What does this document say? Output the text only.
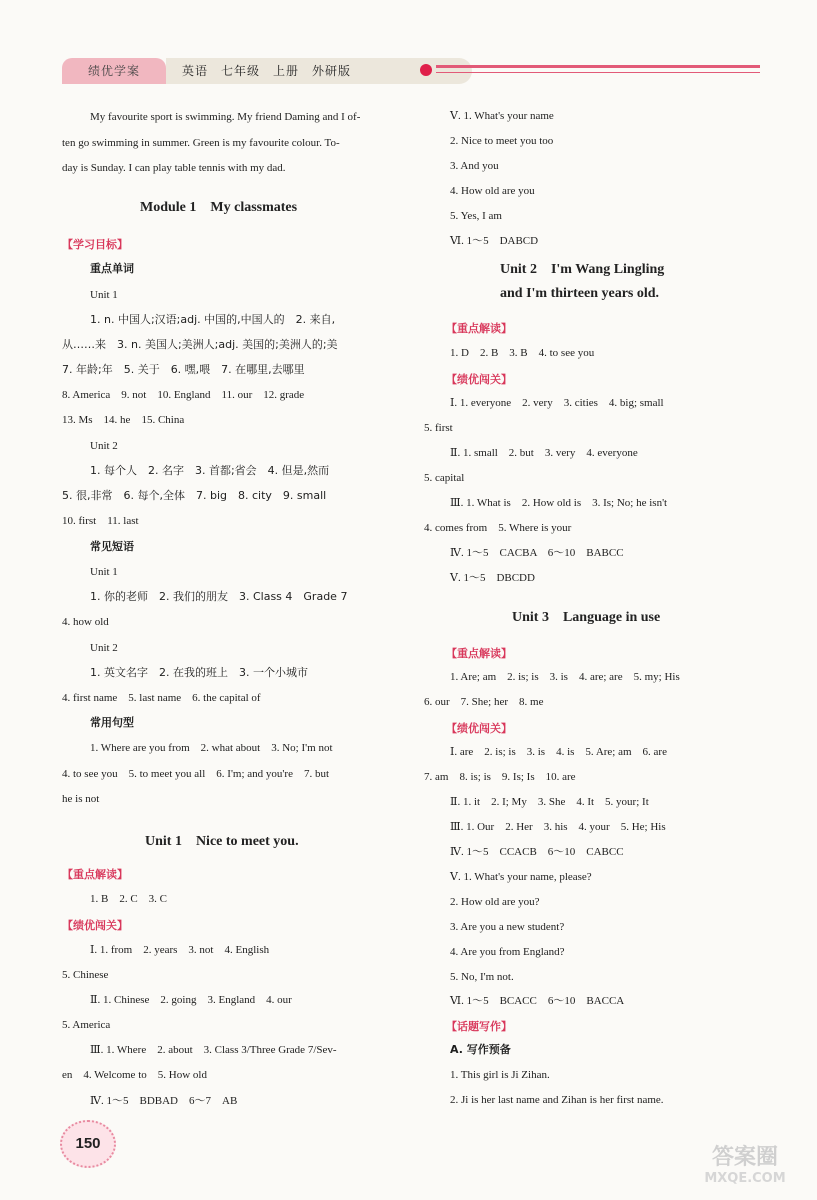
绩优学案	英语　七年级　上册　外研版
My favourite sport is swimming. My friend Daming and I of-
ten go swimming in summer. Green is my favourite colour. To-
day is Sunday. I can play table tennis with my dad.
【学习目标】
重点单词
Unit 1
1. n. 中国人;汉语;adj. 中国的,中国人的　2. 来自,
从……来　3. n. 美国人;美洲人;adj. 美国的;美洲人的;美
7. 年龄;年　5. 关于　6. 嘿,喂　7. 在哪里,去哪里
8. America　9. not　10. England　11. our　12. grade
13. Ms　14. he　15. China
Unit 2
1. 每个人　2. 名字　3. 首都;省会　4. 但是,然而
5. 很,非常　6. 每个,全体　7. big　8. city　9. small
10. first　11. last
常见短语
Unit 1
1. 你的老师　2. 我们的朋友　3. Class 4　Grade 7
4. how old
Unit 2
1. 英文名字　2. 在我的班上　3. 一个小城市
4. first name　5. last name　6. the capital of
常用句型
1. Where are you from　2. what about　3. No; I'm not
4. to see you　5. to meet you all　6. I'm; and you're　7. but
he is not
【重点解读】
1. B　2. C　3. C
【绩优闯关】
Ⅰ. 1. from　2. years　3. not　4. English
5. Chinese
Ⅱ. 1. Chinese　2. going　3. England　4. our
5. America
Ⅲ. 1. Where　2. about　3. Class 3/Three Grade 7/Sev-
en　4. Welcome to　5. How old
Ⅳ. 1～5　BDBAD　6～7　AB
Ⅴ. 1. What's your name
2. Nice to meet you too
3. And you
4. How old are you
5. Yes, I am
Ⅵ. 1～5　DABCD
【重点解读】
1. D　2. B　3. B　4. to see you
【绩优闯关】
Ⅰ. 1. everyone　2. very　3. cities　4. big; small
5. first
Ⅱ. 1. small　2. but　3. very　4. everyone
5. capital
Ⅲ. 1. What is　2. How old is　3. Is; No; he isn't
4. comes from　5. Where is your
Ⅳ. 1～5　CACBA　6～10　BABCC
Ⅴ. 1～5　DBCDD
【重点解读】
1. Are; am　2. is; is　3. is　4. are; are　5. my; His
6. our　7. She; her　8. me
【绩优闯关】
Ⅰ. are　2. is; is　3. is　4. is　5. Are; am　6. are
7. am　8. is; is　9. Is; Is　10. are
Ⅱ. 1. it　2. I; My　3. She　4. It　5. your; It
Ⅲ. 1. Our　2. Her　3. his　4. your　5. He; His
Ⅳ. 1～5　CCACB　6～10　CABCC
Ⅴ. 1. What's your name, please?
2. How old are you?
3. Are you a new student?
4. Are you from England?
5. No, I'm not.
Ⅵ. 1～5　BCACC　6～10　BACCA
【话题写作】
A. 写作预备
1. This girl is Ji Zihan.
2. Ji is her last name and Zihan is her first name.
Module 1　My classmates
Unit 1　Nice to meet you.
Unit 2　I'm Wang Lingling
and I'm thirteen years old.
Unit 3　Language in use
150
答案圈
MXQE.COM
